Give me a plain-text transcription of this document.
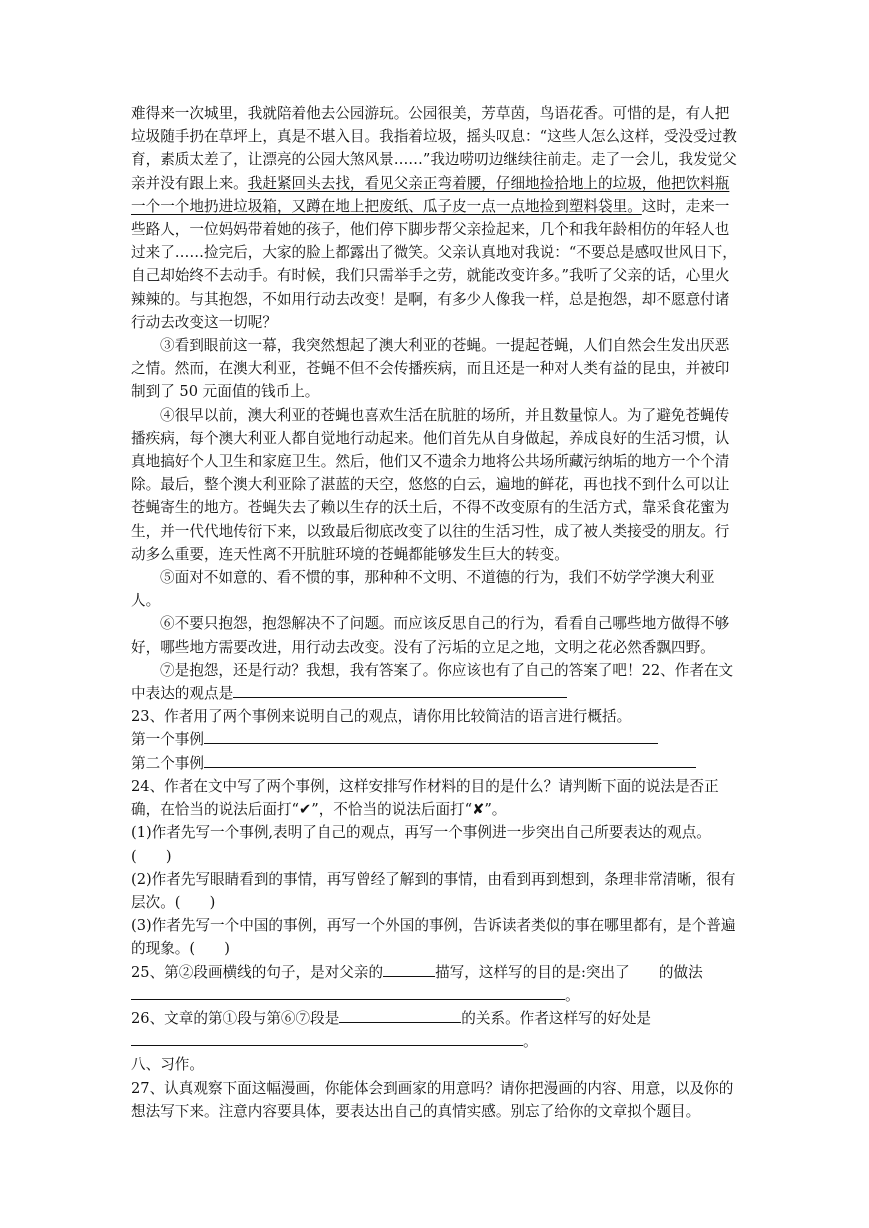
难得来一次城里，我就陪着他去公园游玩。公园很美，芳草茵，鸟语花香。可惜的是，有人把垃圾随手扔在草坪上，真是不堪入目。我指着垃圾，摇头叹息：“这些人怎么这样，受没受过教育，素质太差了，让漂亮的公园大煞风景……”我边唠叨边继续往前走。走了一会儿，我发觉父亲并没有跟上来。我赶紧回头去找，看见父亲正弯着腰，仔细地捡拾地上的垃圾，他把饮料瓶一个一个地扔进垃圾箱，又蹲在地上把废纸、瓜子皮一点一点地捡到塑料袋里。这时，走来一些路人，一位妈妈带着她的孩子，他们停下脚步帮父亲捡起来，几个和我年龄相仿的年轻人也过来了……捡完后，大家的脸上都露出了微笑。父亲认真地对我说：“不要总是感叹世风日下，自己却始终不去动手。有时候，我们只需举手之劳，就能改变许多。”我听了父亲的话，心里火辣辣的。与其抱怨，不如用行动去改变！是啊，有多少人像我一样，总是抱怨，却不愿意付诸行动去改变这一切呢？

③看到眼前这一幕，我突然想起了澳大利亚的苍蝇。一提起苍蝇，人们自然会生发出厌恶之情。然而，在澳大利亚，苍蝇不但不会传播疾病，而且还是一种对人类有益的昆虫，并被印制到了 50 元面值的钱币上。

④很早以前，澳大利亚的苍蝇也喜欢生活在肮脏的场所，并且数量惊人。为了避免苍蝇传播疾病，每个澳大利亚人都自觉地行动起来。他们首先从自身做起，养成良好的生活习惯，认真地搞好个人卫生和家庭卫生。然后，他们又不遗余力地将公共场所藏污纳垢的地方一个个清除。最后，整个澳大利亚除了湛蓝的天空，悠悠的白云，遍地的鲜花，再也找不到什么可以让苍蝇寄生的地方。苍蝇失去了赖以生存的沃土后，不得不改变原有的生活方式，靠采食花蜜为生，并一代代地传衍下来，以致最后彻底改变了以往的生活习性，成了被人类接受的朋友。行动多么重要，连天性离不开肮脏环境的苍蝇都能够发生巨大的转变。

⑤面对不如意的、看不惯的事，那种种不文明、不道德的行为，我们不妨学学澳大利亚人。

⑥不要只抱怨，抱怨解决不了问题。而应该反思自己的行为，看看自己哪些地方做得不够好，哪些地方需要改进，用行动去改变。没有了污垢的立足之地，文明之花必然香飘四野。

⑦是抱怨，还是行动？我想，我有答案了。你应该也有了自己的答案了吧！22、作者在文中表达的观点是

23、作者用了两个事例来说明自己的观点，请你用比较简洁的语言进行概括。

第一个事例

第二个事例

24、作者在文中写了两个事例，这样安排写作材料的目的是什么？请判断下面的说法是否正确，在恰当的说法后面打“✔”，不恰当的说法后面打“✘”。

(1)作者先写一个事例,表明了自己的观点，再写一个事例进一步突出自己所要表达的观点。(　　)

(2)作者先写眼睛看到的事情，再写曾经了解到的事情，由看到再到想到，条理非常清晰，很有层次。(　　)

(3)作者先写一个中国的事例，再写一个外国的事例，告诉读者类似的事在哪里都有，是个普遍的现象。(　　)

25、第②段画横线的句子，是对父亲的	描写，这样写的目的是:突出了　　的做法。

26、文章的第①段与第⑥⑦段是	的关系。作者这样写的好处是。

八、习作。

27、认真观察下面这幅漫画，你能体会到画家的用意吗？请你把漫画的内容、用意，以及你的想法写下来。注意内容要具体，要表达出自己的真情实感。别忘了给你的文章拟个题目。
